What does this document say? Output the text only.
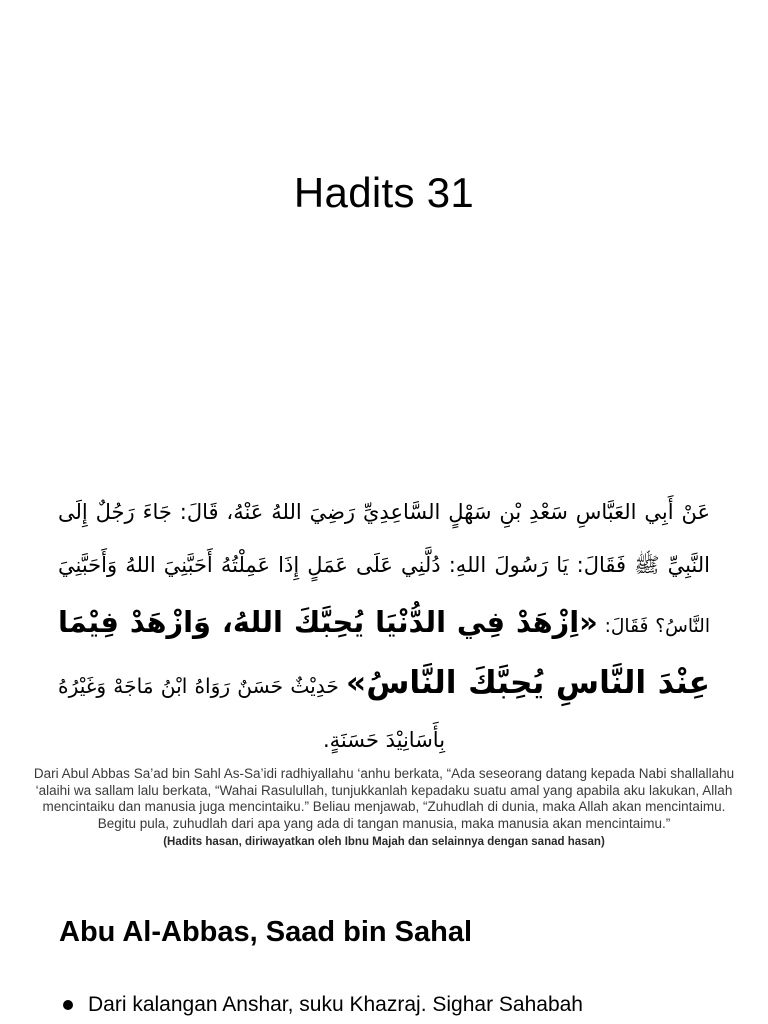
Hadits 31
عَنْ أَبِي العَبَّاسِ سَعْدِ بْنِ سَهْلٍ السَّاعِدِيِّ رَضِيَ اللهُ عَنْهُ، قَالَ: جَاءَ رَجُلٌ إِلَى
النَّبِيِّ ﷺ فَقَالَ: يَا رَسُولَ اللهِ: دُلَّنِي عَلَى عَمَلٍ إِذَا عَمِلْتُهُ أَحَبَّنِيَ اللهُ وَأَحَبَّنِيَ
النَّاسُ؟ فَقَالَ: «اِزْهَدْ فِي الدُّنْيَا يُحِبَّكَ اللهُ، وَازْهَدْ فِيْمَا
عِنْدَ النَّاسِ يُحِبَّكَ النَّاسُ» حَدِيْثٌ حَسَنٌ رَوَاهُ ابْنُ مَاجَهْ وَغَيْرُهُ
بِأَسَانِيْدَ حَسَنَةٍ.
Dari Abul Abbas Sa’ad bin Sahl As-Sa’idi radhiyallahu ‘anhu berkata, “Ada seseorang datang kepada Nabi shallallahu
‘alaihi wa sallam lalu berkata, “Wahai Rasulullah, tunjukkanlah kepadaku suatu amal yang apabila aku lakukan, Allah
mencintaiku dan manusia juga mencintaiku.” Beliau menjawab, “Zuhudlah di dunia, maka Allah akan mencintaimu.
Begitu pula, zuhudlah dari apa yang ada di tangan manusia, maka manusia akan mencintaimu.”
(Hadits hasan, diriwayatkan oleh Ibnu Majah dan selainnya dengan sanad hasan)
Abu Al-Abbas, Saad bin Sahal
Dari kalangan Anshar, suku Khazraj. Sighar Sahabah
